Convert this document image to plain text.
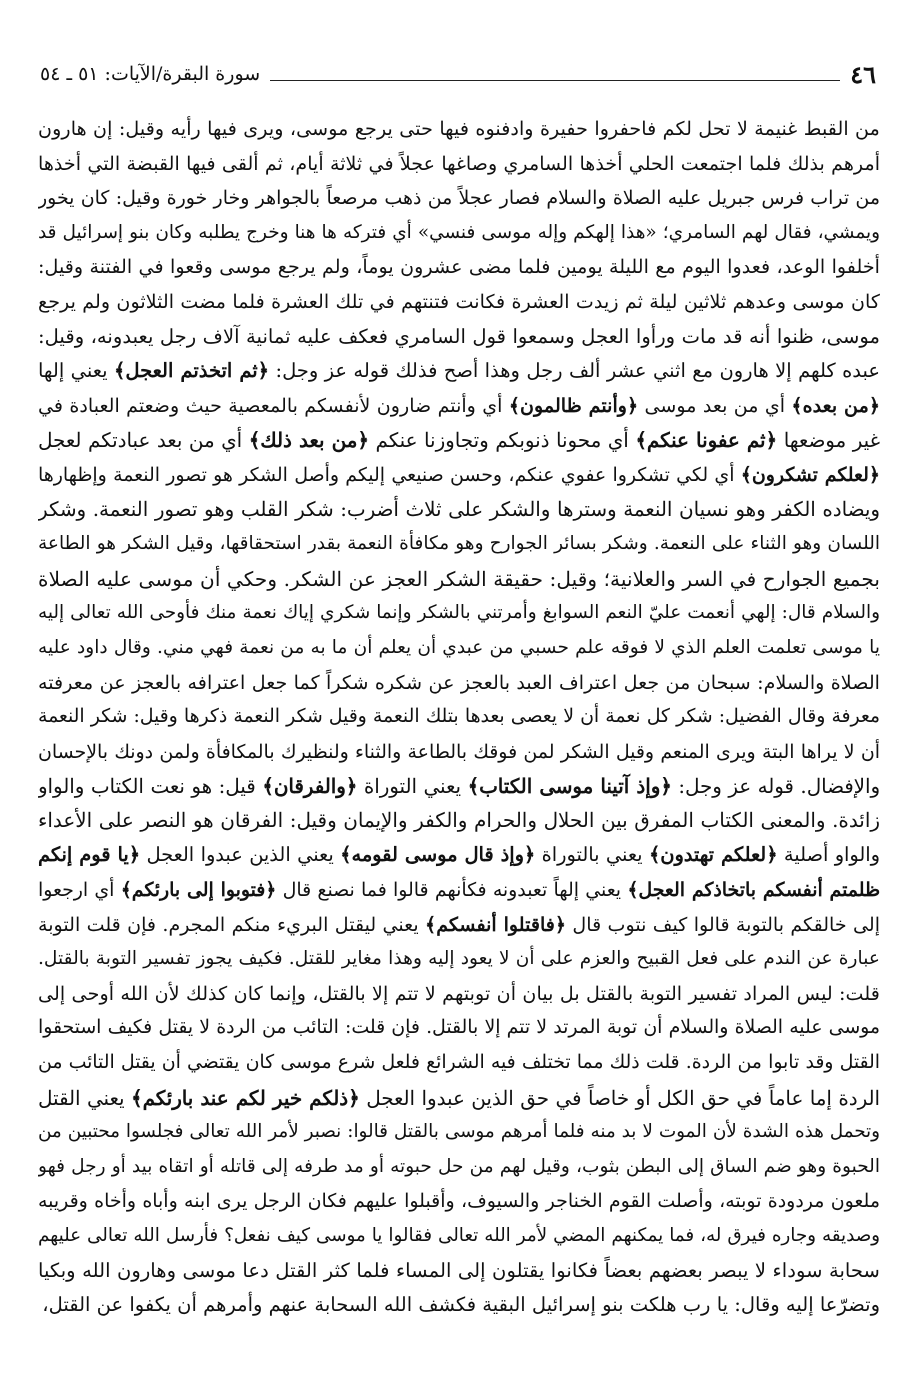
٤٦
سورة البقرة/الآيات: ٥١ ـ ٥٤
من القبط غنيمة لا تحل لكم فاحفروا حفيرة وادفنوه فيها حتى يرجع موسى، ويرى فيها رأيه وقيل: إن هارون
أمرهم بذلك فلما اجتمعت الحلي أخذها السامري وصاغها عجلاً في ثلاثة أيام، ثم ألقى فيها القبضة التي أخذها
من تراب فرس جبريل عليه الصلاة والسلام فصار عجلاً من ذهب مرصعاً بالجواهر وخار خورة وقيل: كان يخور
ويمشي، فقال لهم السامري؛ «هذا إلهكم وإله موسى فنسي» أي فتركه ها هنا وخرج يطلبه وكان بنو إسرائيل قد
أخلفوا الوعد، فعدوا اليوم مع الليلة يومين فلما مضى عشرون يوماً، ولم يرجع موسى وقعوا في الفتنة وقيل:
كان موسى وعدهم ثلاثين ليلة ثم زيدت العشرة فكانت فتنتهم في تلك العشرة فلما مضت الثلاثون ولم يرجع
موسى، ظنوا أنه قد مات ورأوا العجل وسمعوا قول السامري فعكف عليه ثمانية آلاف رجل يعبدونه، وقيل:
عبده كلهم إلا هارون مع اثني عشر ألف رجل وهذا أصح فذلك قوله عز وجل: ﴿ثم اتخذتم العجل﴾ يعني إلها
﴿من بعده﴾ أي من بعد موسى ﴿وأنتم ظالمون﴾ أي وأنتم ضارون لأنفسكم بالمعصية حيث وضعتم العبادة في
غير موضعها ﴿ثم عفونا عنكم﴾ أي محونا ذنوبكم وتجاوزنا عنكم ﴿من بعد ذلك﴾ أي من بعد عبادتكم لعجل
﴿لعلكم تشكرون﴾ أي لكي تشكروا عفوي عنكم، وحسن صنيعي إليكم وأصل الشكر هو تصور النعمة وإظهارها
ويضاده الكفر وهو نسيان النعمة وسترها والشكر على ثلاث أضرب: شكر القلب وهو تصور النعمة. وشكر
اللسان وهو الثناء على النعمة. وشكر بسائر الجوارح وهو مكافأة النعمة بقدر استحقاقها، وقيل الشكر هو الطاعة
بجميع الجوارح في السر والعلانية؛ وقيل: حقيقة الشكر العجز عن الشكر. وحكي أن موسى عليه الصلاة
والسلام قال: إلهي أنعمت عليّ النعم السوابغ وأمرتني بالشكر وإنما شكري إياك نعمة منك فأوحى الله تعالى إليه
يا موسى تعلمت العلم الذي لا فوقه علم حسبي من عبدي أن يعلم أن ما به من نعمة فهي مني. وقال داود عليه
الصلاة والسلام: سبحان من جعل اعتراف العبد بالعجز عن شكره شكراً كما جعل اعترافه بالعجز عن معرفته
معرفة وقال الفضيل: شكر كل نعمة أن لا يعصى بعدها بتلك النعمة وقيل شكر النعمة ذكرها وقيل: شكر النعمة
أن لا يراها البتة ويرى المنعم وقيل الشكر لمن فوقك بالطاعة والثناء ولنظيرك بالمكافأة ولمن دونك بالإحسان
والإفضال. قوله عز وجل: ﴿وإذ آتينا موسى الكتاب﴾ يعني التوراة ﴿والفرقان﴾ قيل: هو نعت الكتاب والواو
زائدة. والمعنى الكتاب المفرق بين الحلال والحرام والكفر والإيمان وقيل: الفرقان هو النصر على الأعداء
والواو أصلية ﴿لعلكم تهتدون﴾ يعني بالتوراة ﴿وإذ قال موسى لقومه﴾ يعني الذين عبدوا العجل ﴿يا قوم إنكم
ظلمتم أنفسكم باتخاذكم العجل﴾ يعني إلهاً تعبدونه فكأنهم قالوا فما نصنع قال ﴿فتوبوا إلى بارئكم﴾ أي ارجعوا
إلى خالقكم بالتوبة قالوا كيف نتوب قال ﴿فاقتلوا أنفسكم﴾ يعني ليقتل البريء منكم المجرم. فإن قلت التوبة
عبارة عن الندم على فعل القبيح والعزم على أن لا يعود إليه وهذا مغاير للقتل. فكيف يجوز تفسير التوبة بالقتل.
قلت: ليس المراد تفسير التوبة بالقتل بل بيان أن توبتهم لا تتم إلا بالقتل، وإنما كان كذلك لأن الله أوحى إلى
موسى عليه الصلاة والسلام أن توبة المرتد لا تتم إلا بالقتل. فإن قلت: التائب من الردة لا يقتل فكيف استحقوا
القتل وقد تابوا من الردة. قلت ذلك مما تختلف فيه الشرائع فلعل شرع موسى كان يقتضي أن يقتل التائب من
الردة إما عاماً في حق الكل أو خاصاً في حق الذين عبدوا العجل ﴿ذلكم خير لكم عند بارئكم﴾ يعني القتل
وتحمل هذه الشدة لأن الموت لا بد منه فلما أمرهم موسى بالقتل قالوا: نصبر لأمر الله تعالى فجلسوا محتبين من
الحبوة وهو ضم الساق إلى البطن بثوب، وقيل لهم من حل حبوته أو مد طرفه إلى قاتله أو اتقاه بيد أو رجل فهو
ملعون مردودة توبته، وأصلت القوم الخناجر والسيوف، وأقبلوا عليهم فكان الرجل يرى ابنه وأباه وأخاه وقريبه
وصديقه وجاره فيرق له، فما يمكنهم المضي لأمر الله تعالى فقالوا يا موسى كيف نفعل؟ فأرسل الله تعالى عليهم
سحابة سوداء لا يبصر بعضهم بعضاً فكانوا يقتلون إلى المساء فلما كثر القتل دعا موسى وهارون الله وبكيا
وتضرّعا إليه وقال: يا رب هلكت بنو إسرائيل البقية فكشف الله السحابة عنهم وأمرهم أن يكفوا عن القتل،
